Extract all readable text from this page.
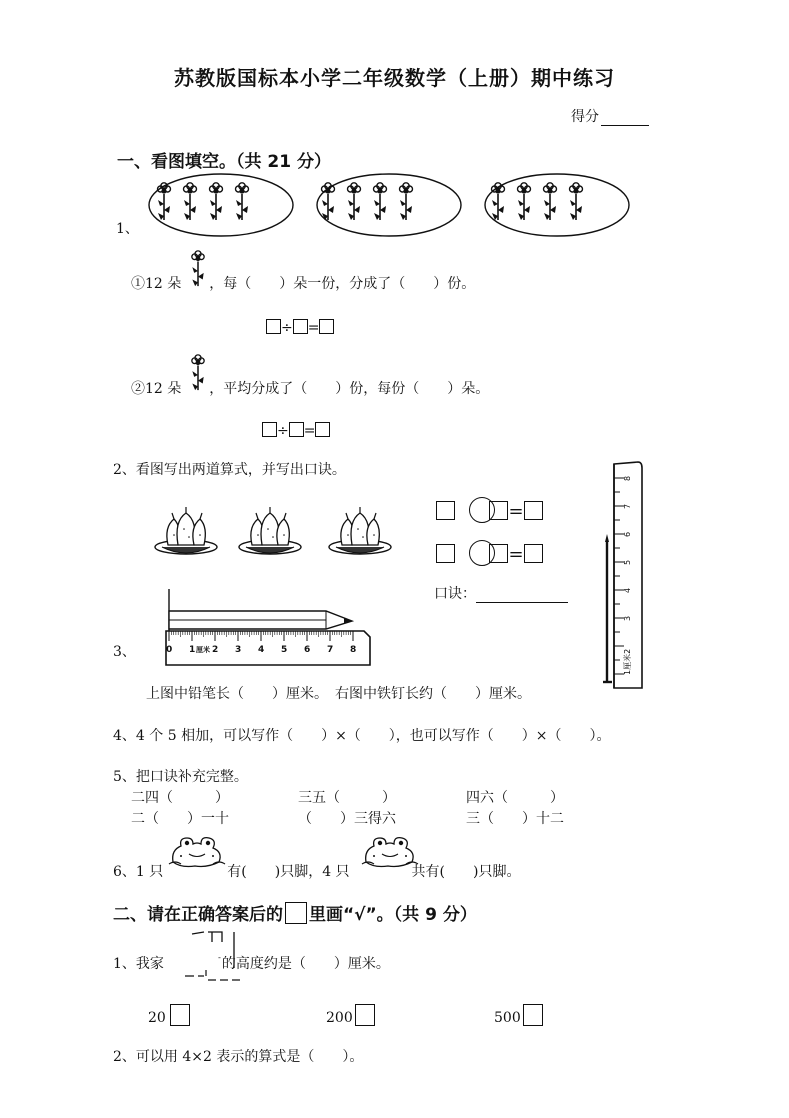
苏教版国标本小学二年级数学（上册）期中练习
得分
一、看图填空。（共 21 分）
1、
①12 朵 ，每（　　）朵一份，分成了（　　）份。
÷ =
②12 朵 ，平均分成了（　　）份，每份（　　）朵。
÷ =
2、看图写出两道算式，并写出口诀。
=
=
口诀：
1厘米2
3
4
5
6
7
8
3、	0 1 厘米 2 3 4 5 6 7 8
上图中铅笔长（　　）厘米。　右图中铁钉长约（　　）厘米。
4、4 个 5 相加，可以写作（　　）×（　　），也可以写作（　　）×（　　）。
5、把口诀补充完整。
二四（　　　）	三五（　　　）	四六（　　　）
二（　　）一十	（　　）三得六	三（　　）十二
6、1 只	有(　　)只脚，4 只	共有(　　)只脚。
二、请在正确答案后的 里画“√”。（共 9 分）
1、我家	的高度约是（　　）厘米。
-
20	200	500
2、可以用 4×2 表示的算式是（　　）。
